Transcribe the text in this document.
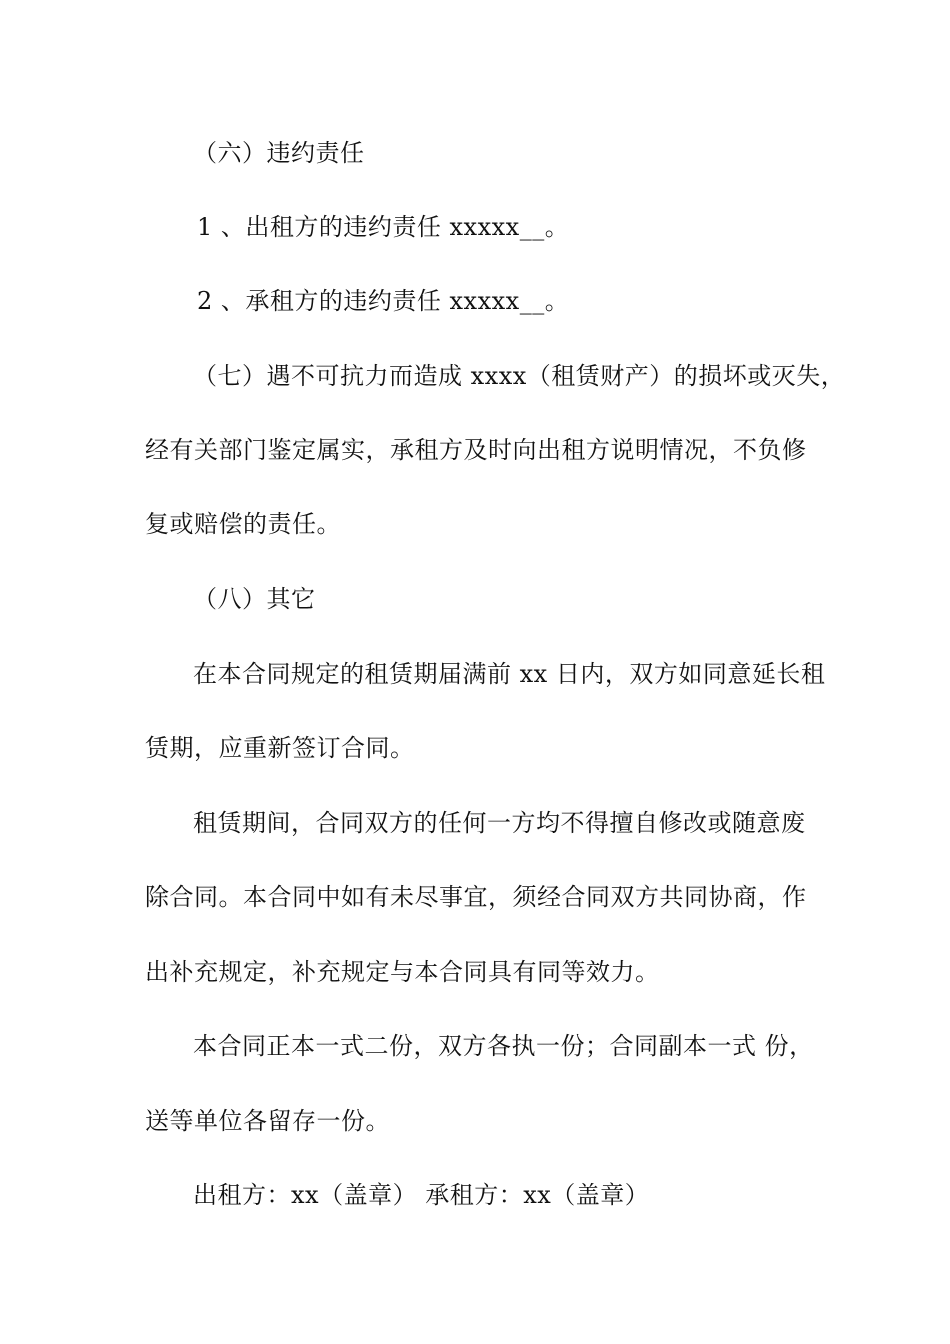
（六）违约责任
1 、出租方的违约责任 xxxxx__。
2 、承租方的违约责任 xxxxx__。
（七）遇不可抗力而造成 xxxx（租赁财产）的损坏或灭失，
经有关部门鉴定属实，承租方及时向出租方说明情况，不负修
复或赔偿的责任。
（八）其它
在本合同规定的租赁期届满前 xx 日内，双方如同意延长租
赁期，应重新签订合同。
租赁期间，合同双方的任何一方均不得擅自修改或随意废
除合同。本合同中如有未尽事宜，须经合同双方共同协商，作
出补充规定，补充规定与本合同具有同等效力。
本合同正本一式二份，双方各执一份；合同副本一式 份，
送等单位各留存一份。
出租方：xx（盖章） 承租方：xx（盖章）
